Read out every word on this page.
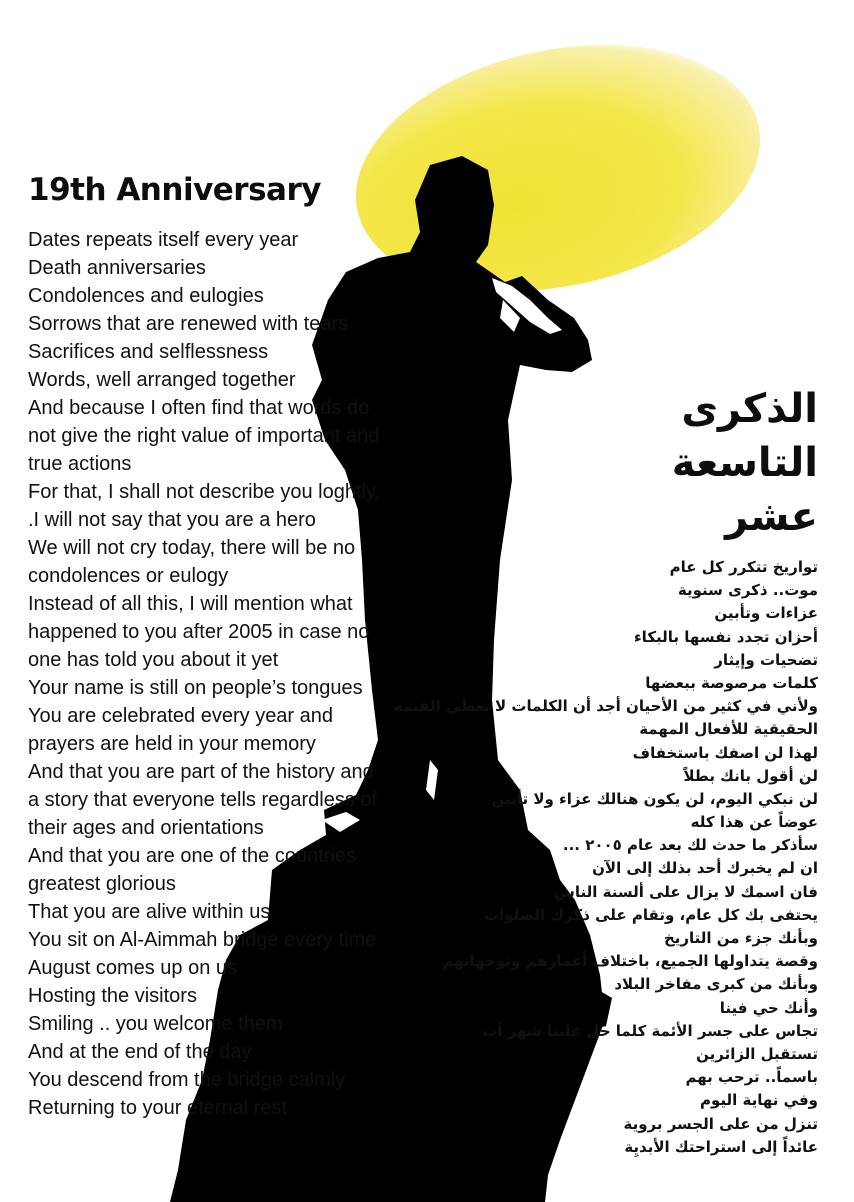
19th Anniversary
Dates repeats itself every year
Death anniversaries
Condolences and eulogies
Sorrows that are renewed with tears
Sacrifices and selflessness
Words, well arranged together
And because I often find that words do
not give the right value of important and
true actions
For that, I shall not describe you loghtly,
.I will not say that you are a hero
We will not cry today, there will be no
condolences or eulogy
Instead of all this, I will mention what
happened to you after 2005 in case no
one has told you about it yet
Your name is still on people’s tongues
You are celebrated every year and
prayers are held in your memory
And that you are part of the history and
a story that everyone tells regardless of
their ages and orientations
And that you are one of the countries
greatest glorious
That you are alive within us
You sit on Al-Aimmah bridge every time
August comes up on us
Hosting the visitors
Smiling .. you welcome them
And at the end of the day
You descend from the bridge calmly
Returning to your eternal rest
الذكرى
التاسعة
عشر
تواريخ تتكرر كل عام
موت.. ذكرى سنوية
عزاءات وتأبين
أحزان تجدد نفسها بالبكاء
تضحيات وإيثار
كلمات مرصوصة ببعضها
ولأني في كثير من الأحيان أجد أن الكلمات لا تعطي القيمة
الحقيقية للأفعال المهمة
لهذا لن اصفك باستخفاف
لن أقول بانك بطلاً
لن نبكي اليوم، لن يكون هنالك عزاء ولا تأبين
عوضاً عن هذا كله
سأذكر ما حدث لك بعد عام ٢٠٠٥ ...
ان لم يخبرك أحد بذلك إلى الآن
فان اسمك لا يزال على ألسنة الناس
يحتفى بك كل عام، وتقام على ذكرك الصلوات
وبأنك جزء من التاريخ
وقصة يتداولها الجميع، باختلاف أعمارهم وتوجهاتهم
وبأنك من كبرى مفاخر البلاد
وأنك حي فينا
تجاس على جسر الأئمة كلما حل علينا شهر آب
تستقبل الزائرين
باسماً.. ترحب بهم
وفي نهاية اليوم
تنزل من على الجسر بروية
عائداً إلى استراحتك الأبديِة
